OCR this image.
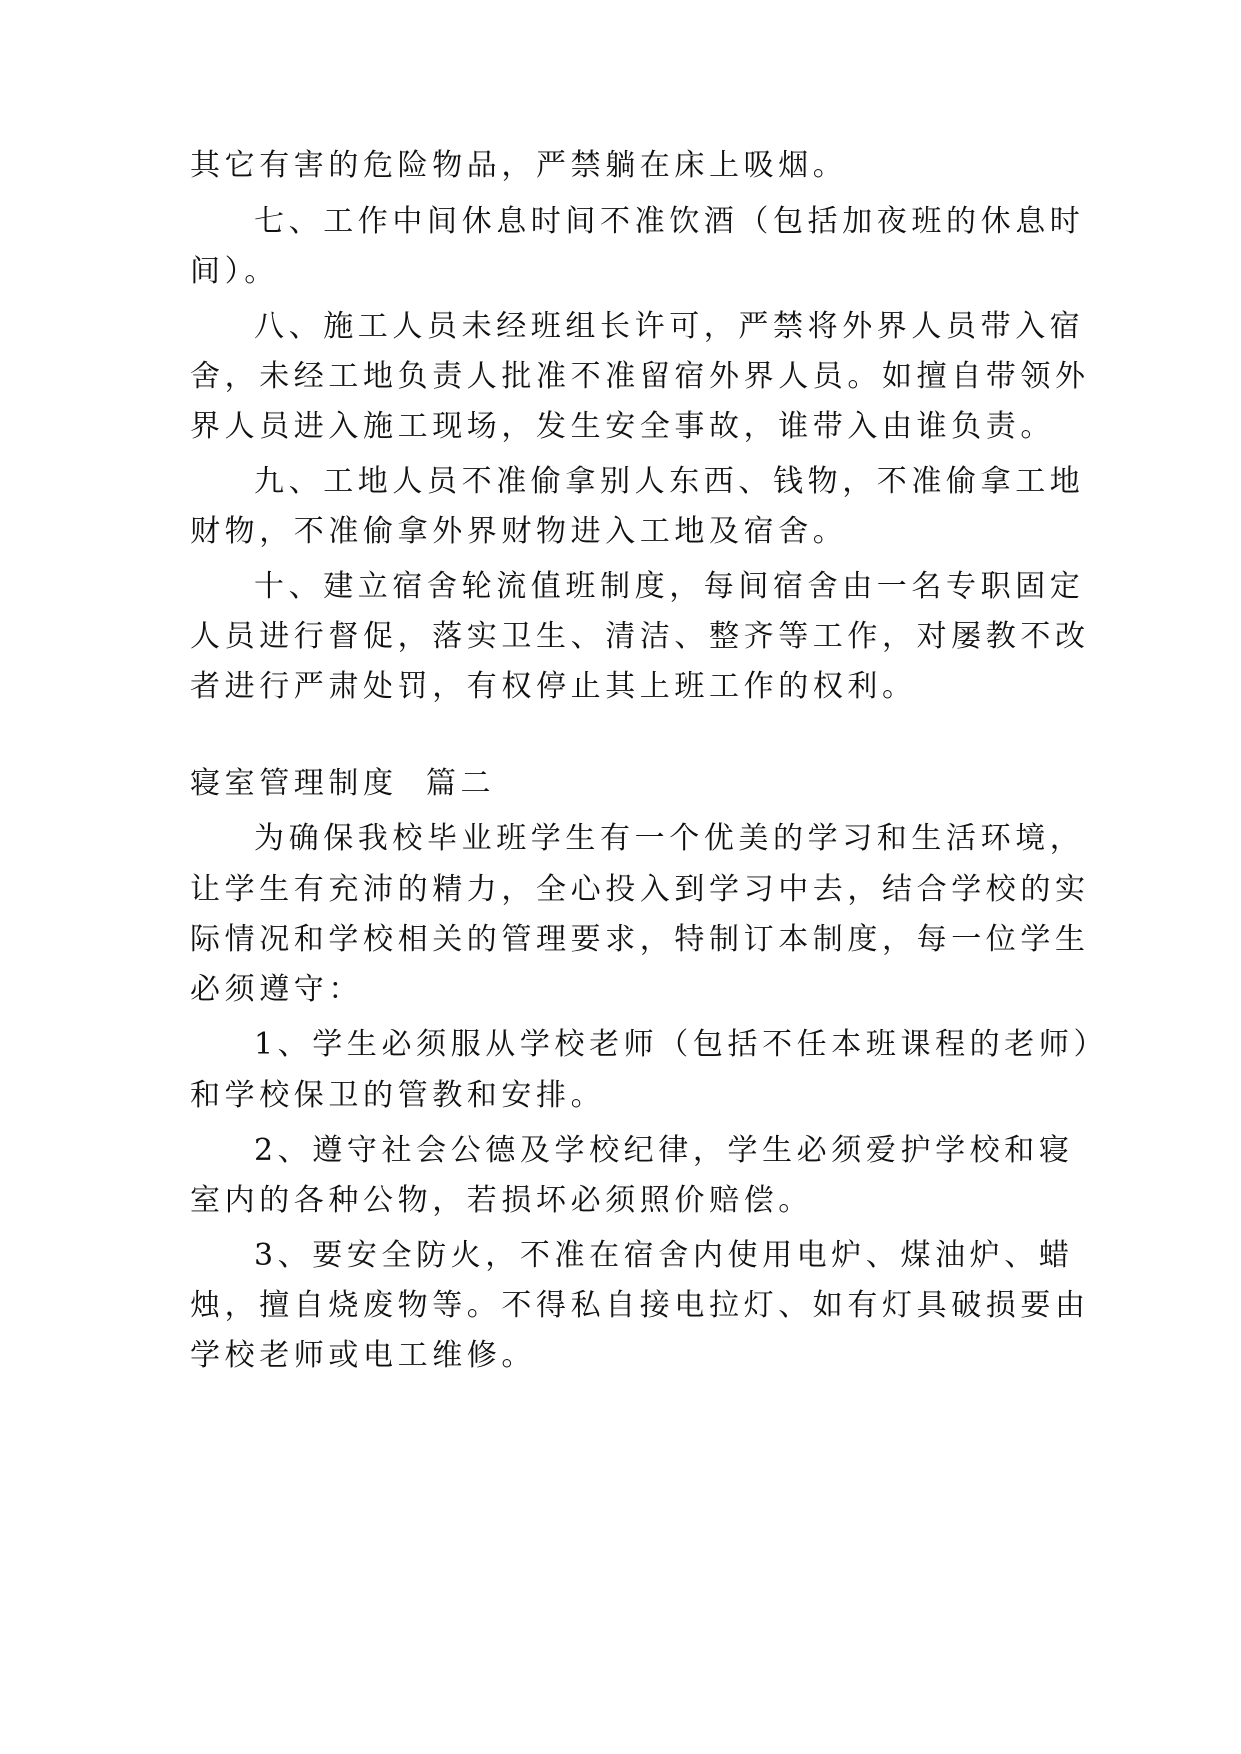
其它有害的危险物品，严禁躺在床上吸烟。
七、工作中间休息时间不准饮酒（包括加夜班的休息时
间）。
八、施工人员未经班组长许可，严禁将外界人员带入宿
舍，未经工地负责人批准不准留宿外界人员。如擅自带领外
界人员进入施工现场，发生安全事故，谁带入由谁负责。
九、工地人员不准偷拿别人东西、钱物，不准偷拿工地
财物，不准偷拿外界财物进入工地及宿舍。
十、建立宿舍轮流值班制度，每间宿舍由一名专职固定
人员进行督促，落实卫生、清洁、整齐等工作，对屡教不改
者进行严肃处罚，有权停止其上班工作的权利。
寝室管理制度  篇二
为确保我校毕业班学生有一个优美的学习和生活环境，
让学生有充沛的精力，全心投入到学习中去，结合学校的实
际情况和学校相关的管理要求，特制订本制度，每一位学生
必须遵守：
1、学生必须服从学校老师（包括不任本班课程的老师）
和学校保卫的管教和安排。
2、遵守社会公德及学校纪律，学生必须爱护学校和寝
室内的各种公物，若损坏必须照价赔偿。
3、要安全防火，不准在宿舍内使用电炉、煤油炉、蜡
烛，擅自烧废物等。不得私自接电拉灯、如有灯具破损要由
学校老师或电工维修。
